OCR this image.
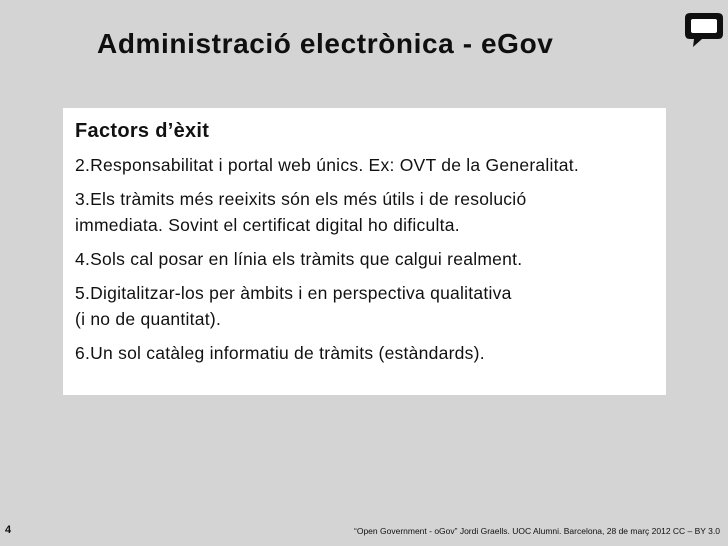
Administració electrònica - eGov
Factors d’èxit
2.Responsabilitat i portal web únics. Ex: OVT de la Generalitat.
3.Els tràmits més reeixits són els més útils i de resolució
immediata. Sovint el certificat digital ho dificulta.
4.Sols cal posar en línia els tràmits que calgui realment.
5.Digitalitzar-los per àmbits i en perspectiva qualitativa
(i no de quantitat).
6.Un sol catàleg informatiu de tràmits (estàndards).
4	“Open Government - oGov” Jordi Graells. UOC Alumni. Barcelona, 28 de març 2012 CC – BY 3.0
